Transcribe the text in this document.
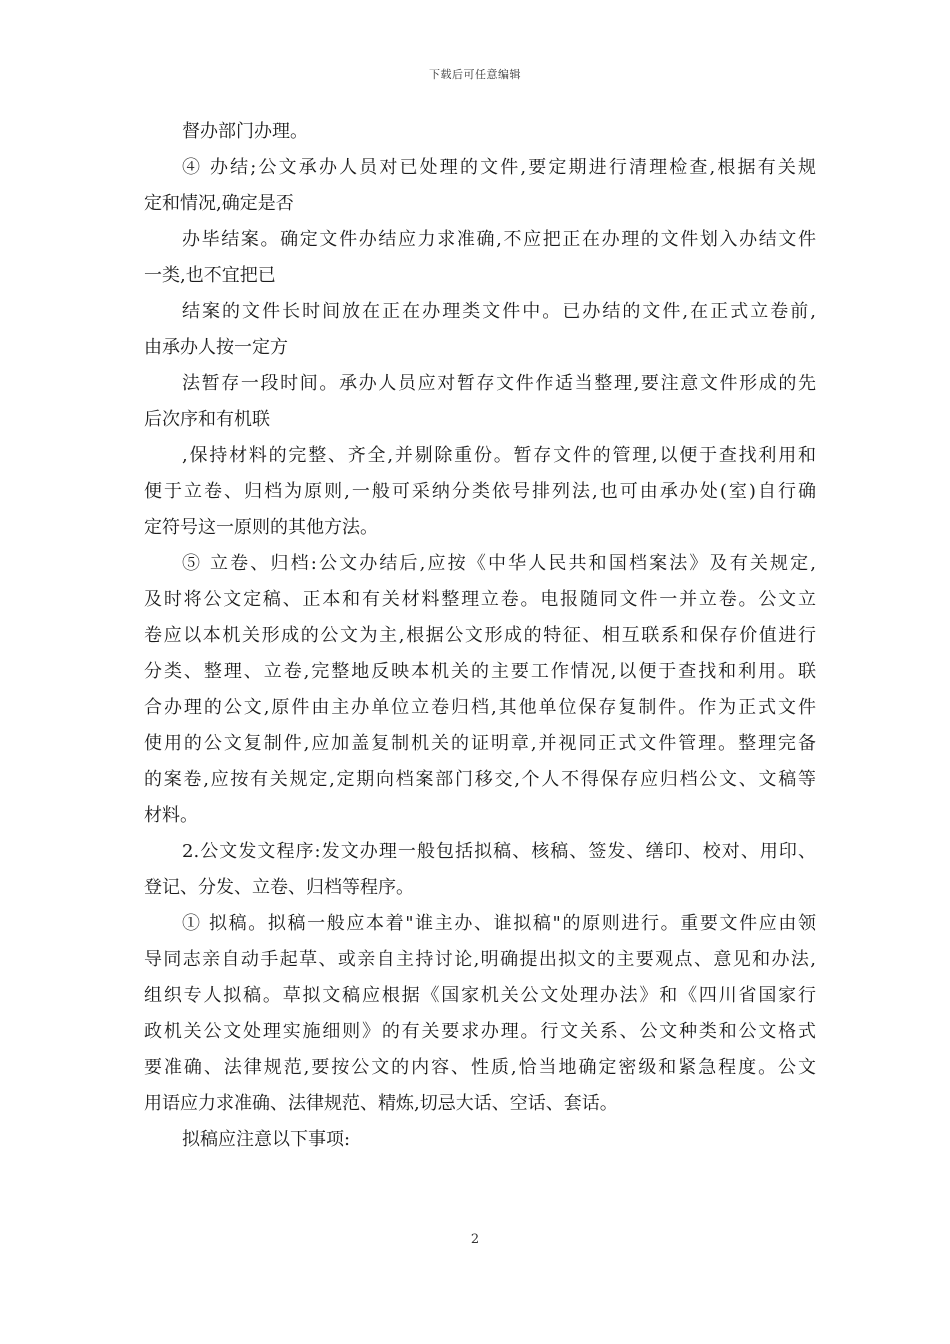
下载后可任意编辑
督办部门办理。
④ 办结;公文承办人员对已处理的文件,要定期进行清理检查,根据有关规
定和情况,确定是否
办毕结案。确定文件办结应力求准确,不应把正在办理的文件划入办结文件
一类,也不宜把已
结案的文件长时间放在正在办理类文件中。已办结的文件,在正式立卷前,
由承办人按一定方
法暂存一段时间。承办人员应对暂存文件作适当整理,要注意文件形成的先
后次序和有机联
,保持材料的完整、齐全,并剔除重份。暂存文件的管理,以便于查找利用和
便于立卷、归档为原则,一般可采纳分类依号排列法,也可由承办处(室)自行确
定符号这一原则的其他方法。
⑤ 立卷、归档:公文办结后,应按《中华人民共和国档案法》及有关规定,
及时将公文定稿、正本和有关材料整理立卷。电报随同文件一并立卷。公文立
卷应以本机关形成的公文为主,根据公文形成的特征、相互联系和保存价值进行
分类、整理、立卷,完整地反映本机关的主要工作情况,以便于查找和利用。联
合办理的公文,原件由主办单位立卷归档,其他单位保存复制件。作为正式文件
使用的公文复制件,应加盖复制机关的证明章,并视同正式文件管理。整理完备
的案卷,应按有关规定,定期向档案部门移交,个人不得保存应归档公文、文稿等
材料。
2.公文发文程序:发文办理一般包括拟稿、核稿、签发、缮印、校对、用印、
登记、分发、立卷、归档等程序。
① 拟稿。拟稿一般应本着"谁主办、谁拟稿"的原则进行。重要文件应由领
导同志亲自动手起草、或亲自主持讨论,明确提出拟文的主要观点、意见和办法,
组织专人拟稿。草拟文稿应根据《国家机关公文处理办法》和《四川省国家行
政机关公文处理实施细则》的有关要求办理。行文关系、公文种类和公文格式
要准确、法律规范,要按公文的内容、性质,恰当地确定密级和紧急程度。公文
用语应力求准确、法律规范、精炼,切忌大话、空话、套话。
拟稿应注意以下事项:
2
